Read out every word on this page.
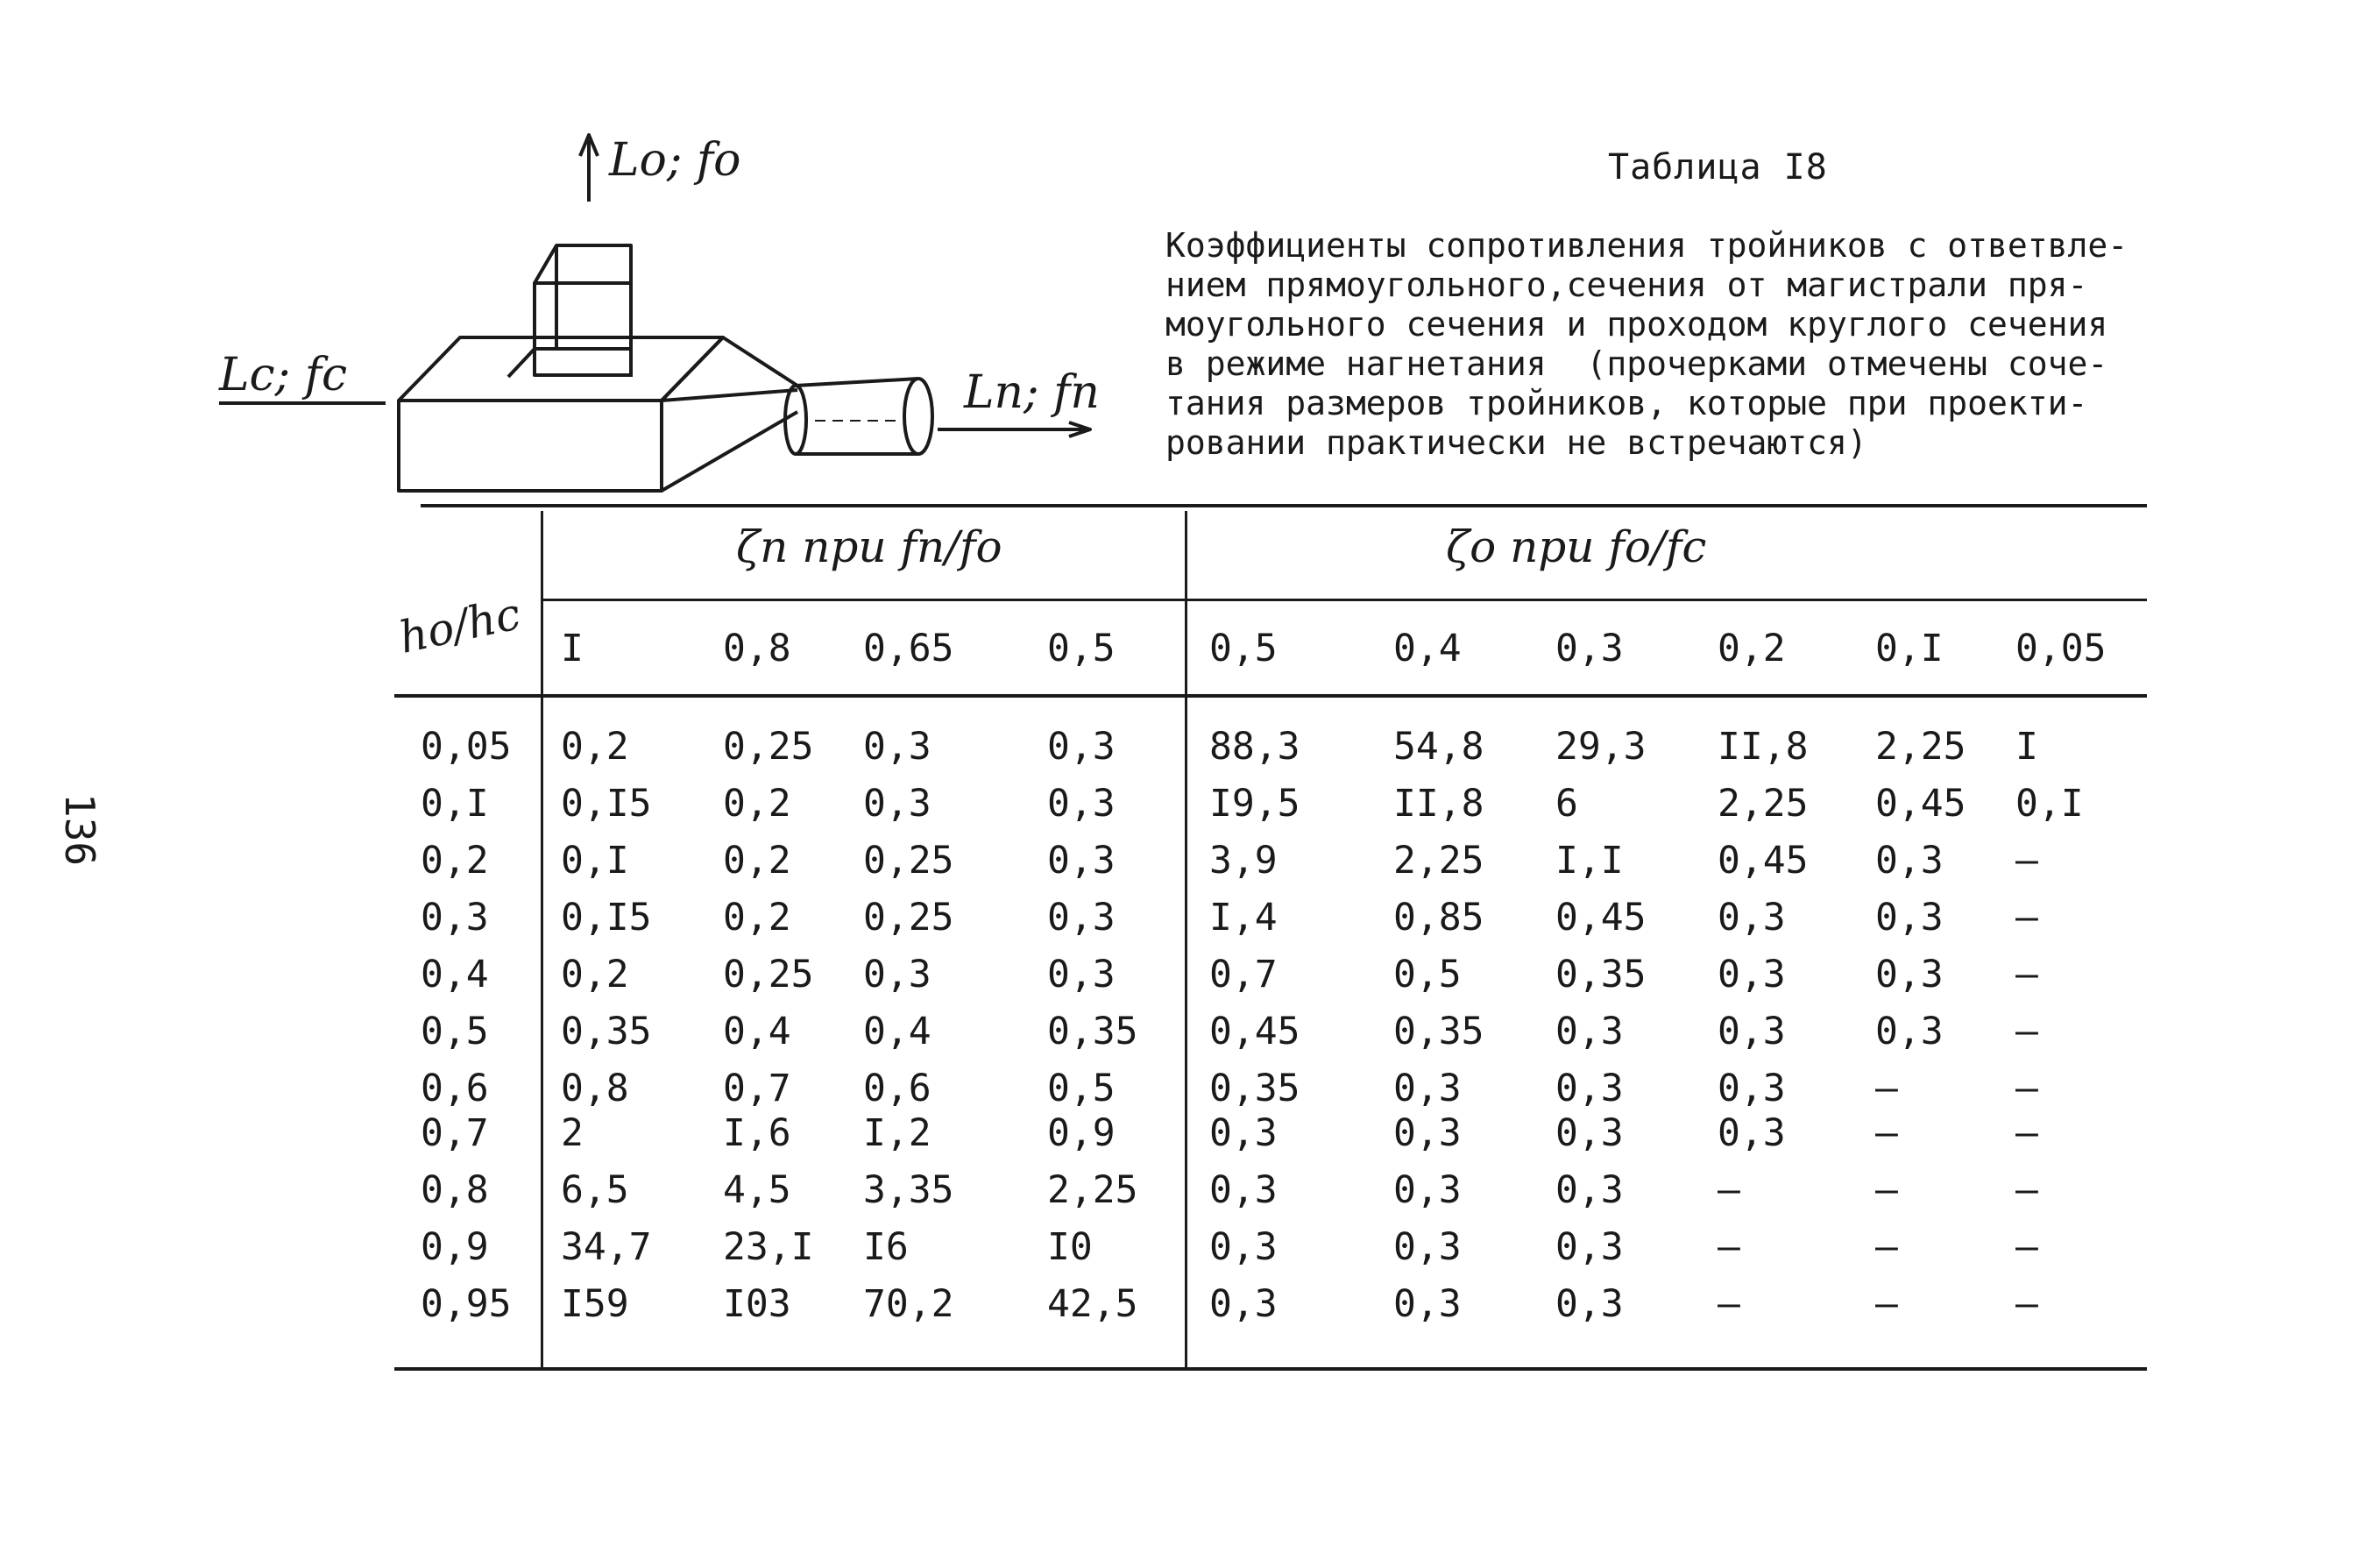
136
Lo; fo
Lc; fc	Ln; fn
Таблица I8
Коэффициенты сопротивления тройников с ответвле-
нием прямоугольного,сечения от магистрали пря-
моугольного сечения и проходом круглого сечения
в режиме нагнетания  (прочерками отмечены соче-
тания размеров тройников, которые при проекти-
ровании практически не встречаются)
ho/hc
ζn при fn/fo	ζo при fo/fc
I	0,8 0,65 0,5 0,5	0,4 0,3 0,2 0,I 0,05
0,05 0,2 0,25 0,3	0,3 88,3 54,8 29,3 II,8 2,25 I
0,I 0,I5 0,2 0,3	0,3 I9,5 II,8 6	2,25 0,45 0,I
0,2 0,I 0,2 0,25 0,3 3,9	2,25 I,I 0,45 0,3 –
0,3 0,I5 0,2 0,25 0,3 I,4	0,85 0,45 0,3 0,3 –
0,4 0,2 0,25 0,3	0,3 0,7	0,5 0,35 0,3 0,3 –
0,5 0,35 0,4 0,4	0,35 0,45 0,35 0,3 0,3 0,3 –
0,6 0,8 0,7 0,6	0,5 0,35 0,3 0,3 0,3 –	–
0,7 2	I,6 I,2	0,9 0,3	0,3 0,3 0,3 –	–
0,8 6,5 4,5 3,35 2,25 0,3	0,3 0,3 –	–	–
0,9 34,7 23,I I6	I0	0,3	0,3 0,3 –	–	–
0,95 I59 I03 70,2 42,5 0,3	0,3 0,3 –	–	–
